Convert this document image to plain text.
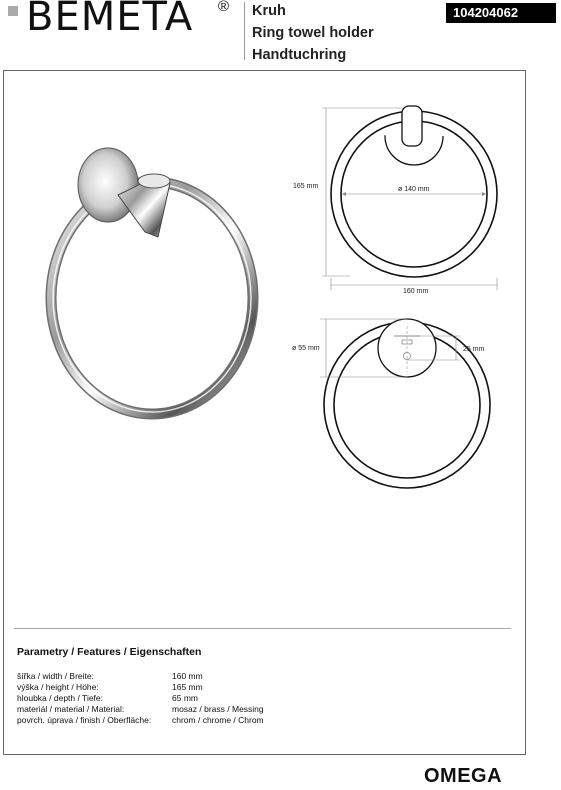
BEMETA ® Kruh
Ring towel holder
Handtuchring
104204062
165 mm	ø 140 mm
160 mm
ø 55 mm	25 mm
Parametry / Features / Eigenschaften
šířka / width / Breite:	160 mm
výška / height / Höhe:	165 mm
hloubka / depth / Tiefe:	65 mm
materiál / material / Material:	mosaz / brass / Messing
povrch. úprava / finish / Oberfläche: chrom / chrome / Chrom
OMEGA
